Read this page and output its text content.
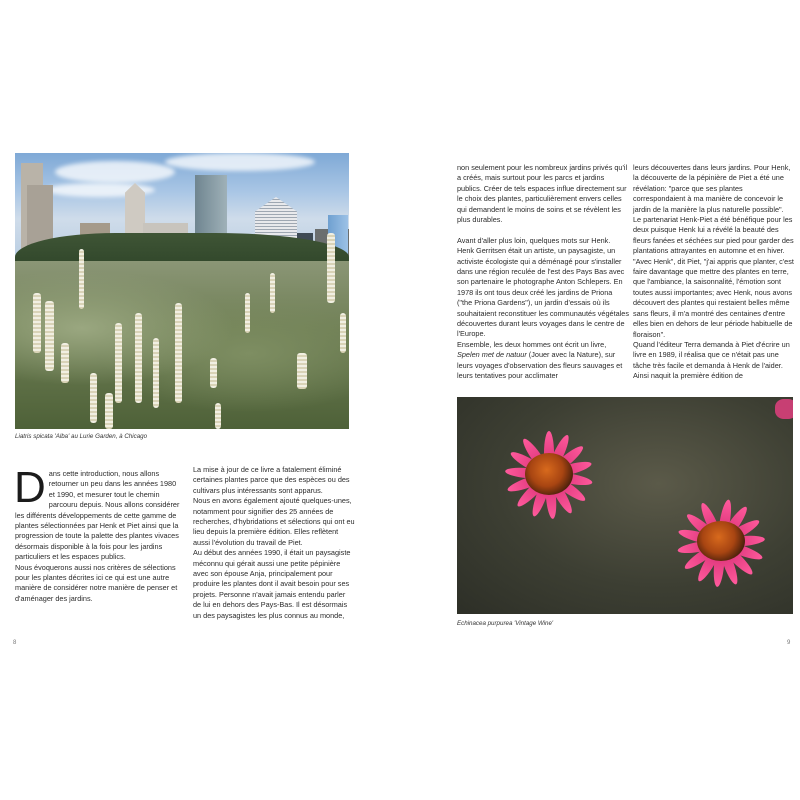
Liatris spicata 'Alba' au Lurie Garden, à Chicago
D ans cette introduction, nous allons retourner un peu dans les années 1980 et 1990, et mesurer tout le chemin parcouru depuis. Nous allons considérer les différents développements de cette gamme de plantes sélectionnées par Henk et Piet ainsi que la progression de toute la palette des plantes vivaces désormais disponible à la fois pour les jardins particuliers et les espaces publics.

Nous évoquerons aussi nos critères de sélections pour les plantes décrites ici ce qui est une autre manière de considérer notre manière de penser et d'aménager des jardins.

La mise à jour de ce livre a fatalement éliminé certaines plantes parce que des espèces ou des cultivars plus intéressants sont apparus.

Nous en avons également ajouté quelques-unes, notamment pour signifier des 25 années de recherches, d'hybridations et sélections qui ont eu lieu depuis la première édition. Elles reflètent aussi l'évolution du travail de Piet.

Au début des années 1990, il était un paysagiste méconnu qui gérait aussi une petite pépinière avec son épouse Anja, principalement pour produire les plantes dont il avait besoin pour ses projets. Personne n'avait jamais entendu parler de lui en dehors des Pays-Bas. Il est désormais un des paysagistes les plus connus au monde,

8

non seulement pour les nombreux jardins privés qu'il a créés, mais surtout pour les parcs et jardins publics. Créer de tels espaces influe directement sur le choix des plantes, particulièrement envers celles qui demandent le moins de soins et se révèlent les plus durables.

Avant d'aller plus loin, quelques mots sur Henk. Henk Gerritsen était un artiste, un paysagiste, un activiste écologiste qui a déménagé pour s'installer dans une région reculée de l'est des Pays Bas avec son partenaire le photographe Anton Schlepers. En 1978 ils ont tous deux créé les jardins de Priona ("the Priona Gardens"), un jardin d'essais où ils souhaitaient reconstituer les communautés végétales découvertes durant leurs voyages dans le centre de l'Europe.

Ensemble, les deux hommes ont écrit un livre, Spelen met de natuur (Jouer avec la Nature), sur leurs voyages d'observation des fleurs sauvages et leurs tentatives pour acclimater

leurs découvertes dans leurs jardins. Pour Henk, la découverte de la pépinière de Piet a été une révélation: "parce que ses plantes correspondaient à ma manière de concevoir le jardin de la manière la plus naturelle possible".

Le partenariat Henk-Piet a été bénéfique pour les deux puisque Henk lui a révélé la beauté des fleurs fanées et séchées sur pied pour garder des plantations attrayantes en automne et en hiver. "Avec Henk", dit Piet, "j'ai appris que planter, c'est faire davantage que mettre des plantes en terre, que l'ambiance, la saisonnalité, l'émotion sont toutes aussi importantes; avec Henk, nous avons découvert des plantes qui restaient belles même sans fleurs, il m'a montré des centaines d'entre elles bien en dehors de leur période habituelle de floraison".

Quand l'éditeur Terra demanda à Piet d'écrire un livre en 1989, il réalisa que ce n'était pas une tâche très facile et demanda à Henk de l'aider. Ainsi naquit la première édition de

Echinacea purpurea 'Vintage Wine'
9
